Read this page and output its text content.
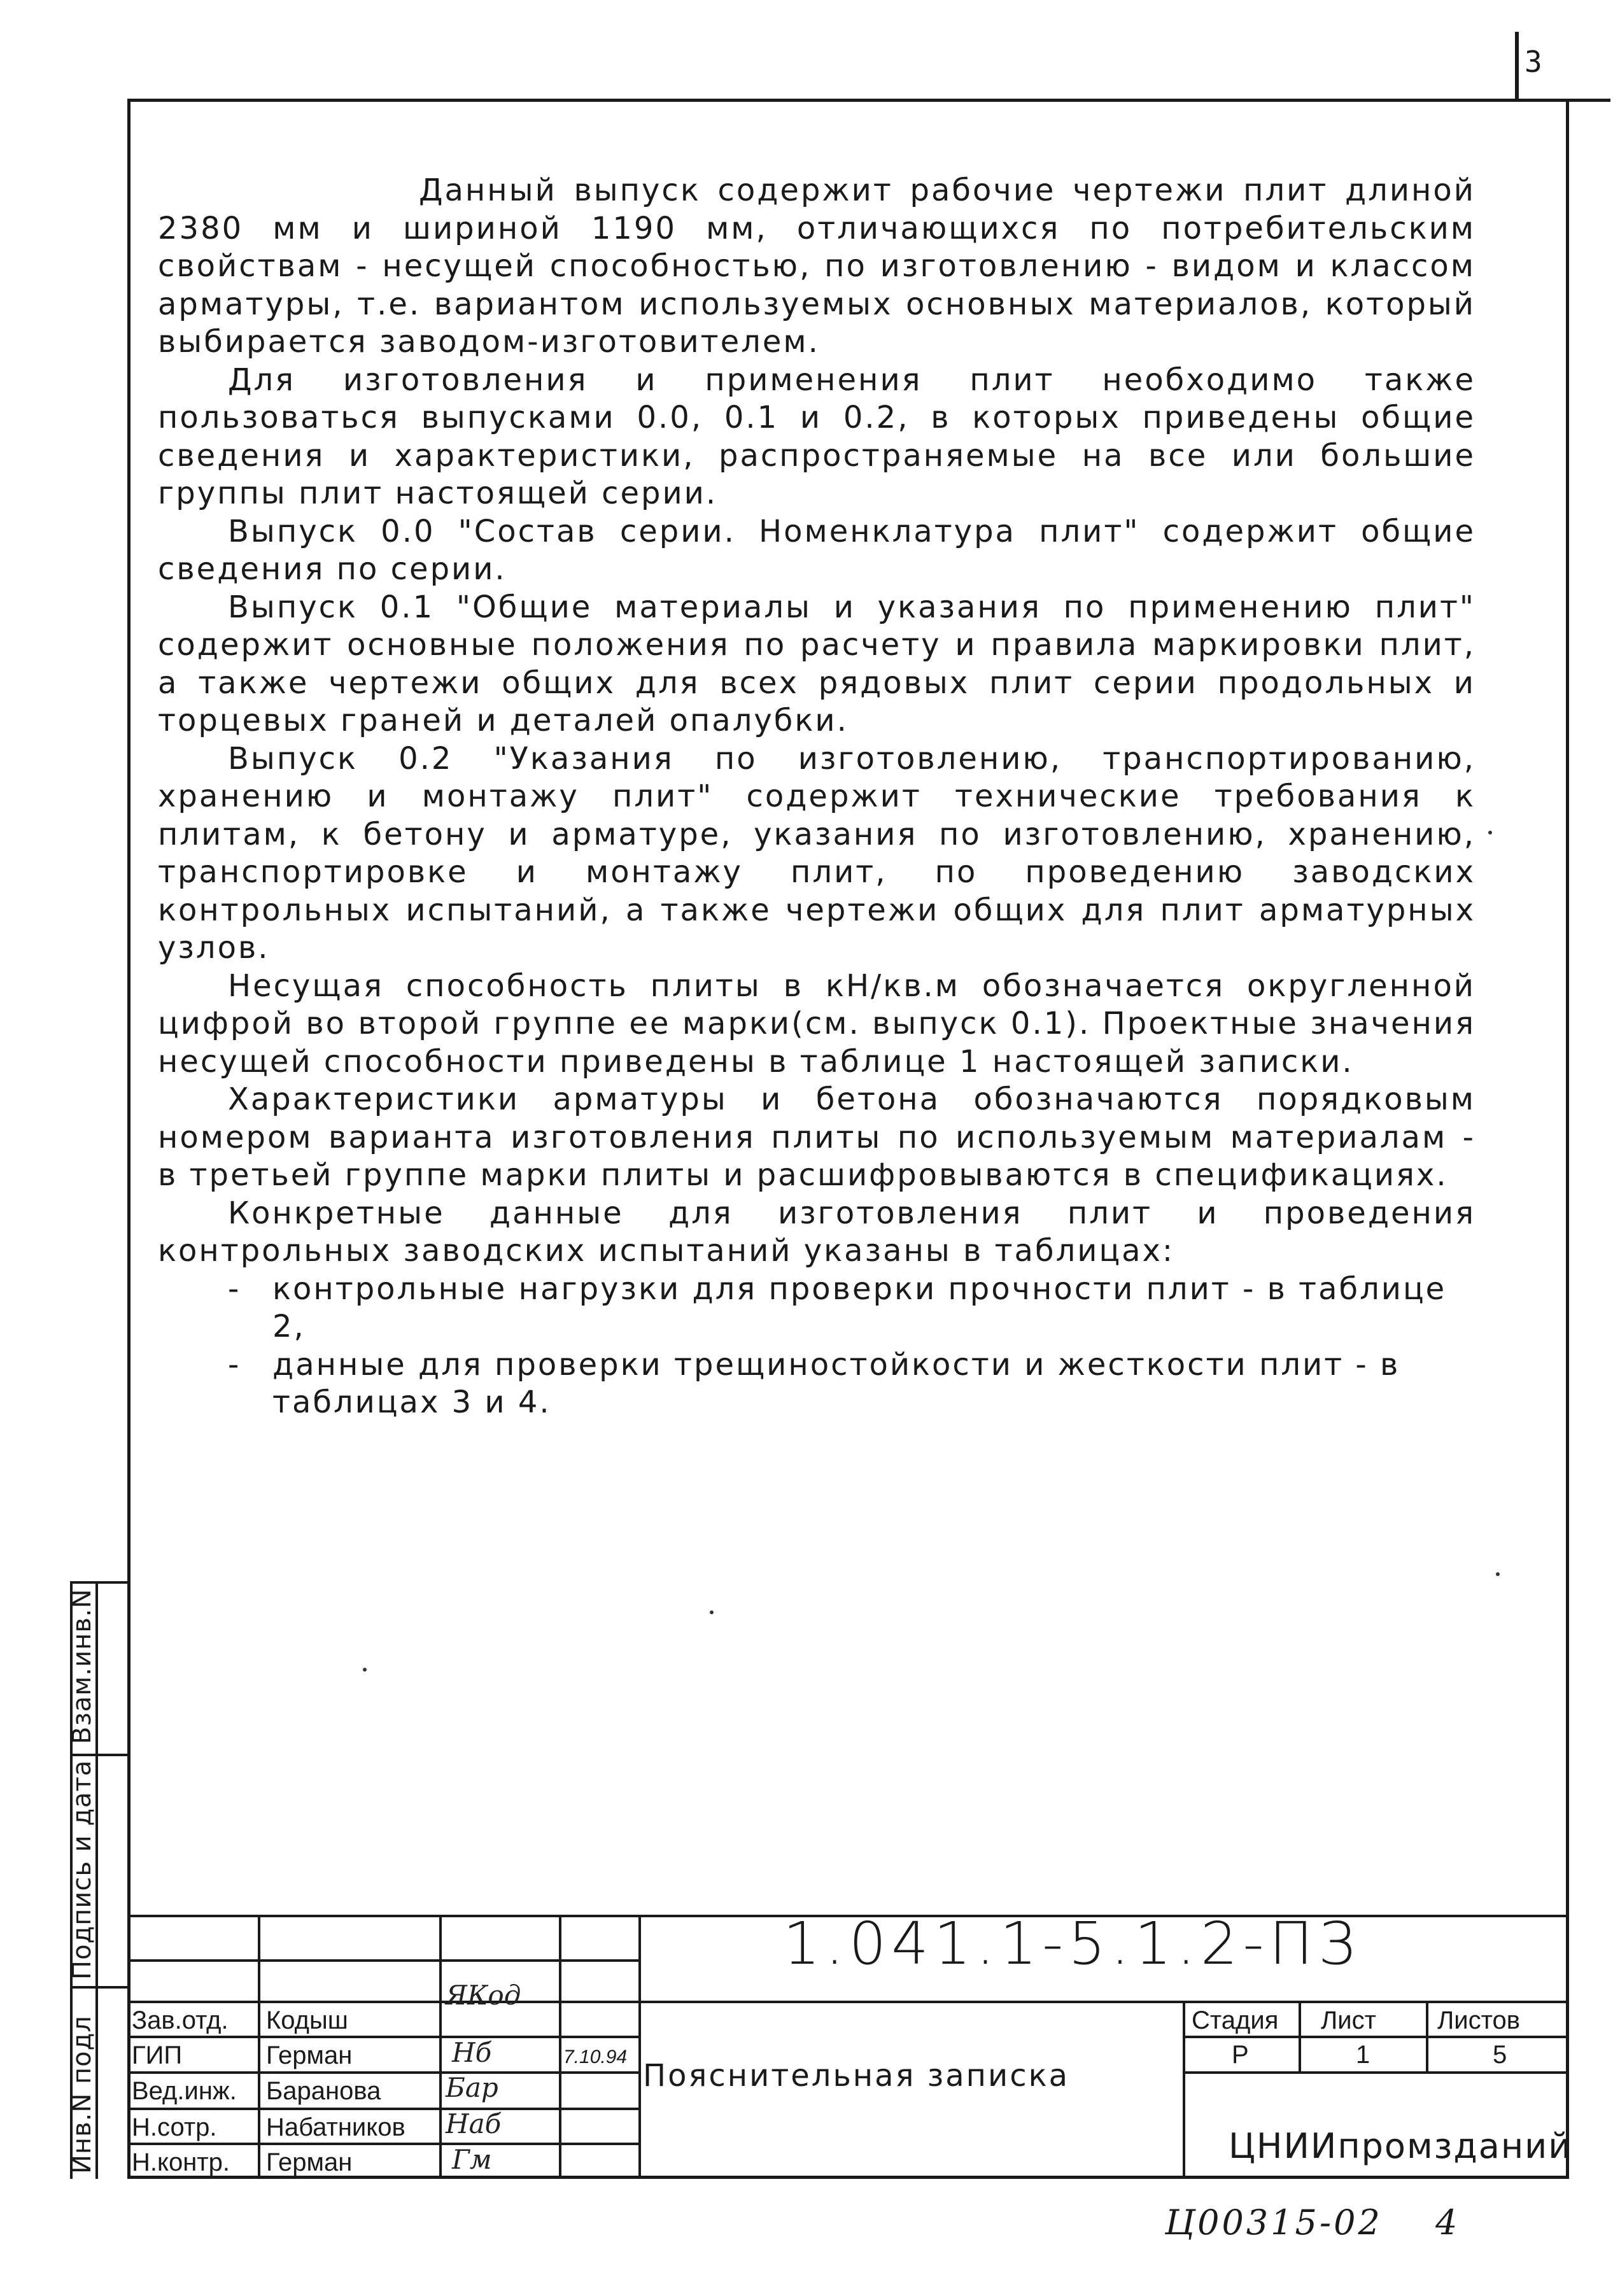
3

Данный выпуск содержит рабочие чертежи плит длиной 2380 мм и шириной 1190 мм, отличающихся по потребительским свойствам - несущей способностью, по изготовлению - видом и классом арматуры, т.е. вариантом используемых основных материалов, который выбирается заводом-изготовителем.

Для изготовления и применения плит необходимо также пользоваться выпусками 0.0, 0.1 и 0.2, в которых приведены общие сведения и характеристики, распространяемые на все или большие группы плит настоящей серии.

Выпуск 0.0 "Состав серии. Номенклатура плит" содержит общие сведения по серии.

Выпуск 0.1 "Общие материалы и указания по применению плит" содержит основные положения по расчету и правила маркировки плит, а также чертежи общих для всех рядовых плит серии продольных и торцевых граней и деталей опалубки.

Выпуск 0.2 "Указания по изготовлению, транспортированию, хранению и монтажу плит" содержит технические требования к плитам, к бетону и арматуре, указания по изготовлению, хранению, транспортировке и монтажу плит, по проведению заводских контрольных испытаний, а также чертежи общих для плит арматурных узлов.

Несущая способность плиты в кН/кв.м обозначается округленной цифрой во второй группе ее марки(см. выпуск 0.1). Проектные значения несущей способности приведены в таблице 1 настоящей записки.

Характеристики арматуры и бетона обозначаются порядковым номером варианта изготовления плиты по используемым материалам - в третьей группе марки плиты и расшифровываются в спецификациях.

Конкретные данные для изготовления плит и проведения контрольных заводских испытаний указаны в таблицах:

- контрольные нагрузки для проверки прочности плит - в таблице 2,
- данные для проверки трещиностойкости и жесткости плит - в таблицах 3 и 4.
Взам.инв.N
Подпись и дата
Инв.N подл Зав.отд.
ГИП
Вед.инж.
Н.сотр.
Н.контр.
Кодыш
Герман
Баранова
Набатников
Герман
ЯКод
Нб
Бар
Наб
Гм
7.10.94
1.041.1-5.1.2-ПЗ
Пояснительная записка
Стадия Лист Листов
Р	1	5
ЦНИИпромзданий
Ц00315-02 4
